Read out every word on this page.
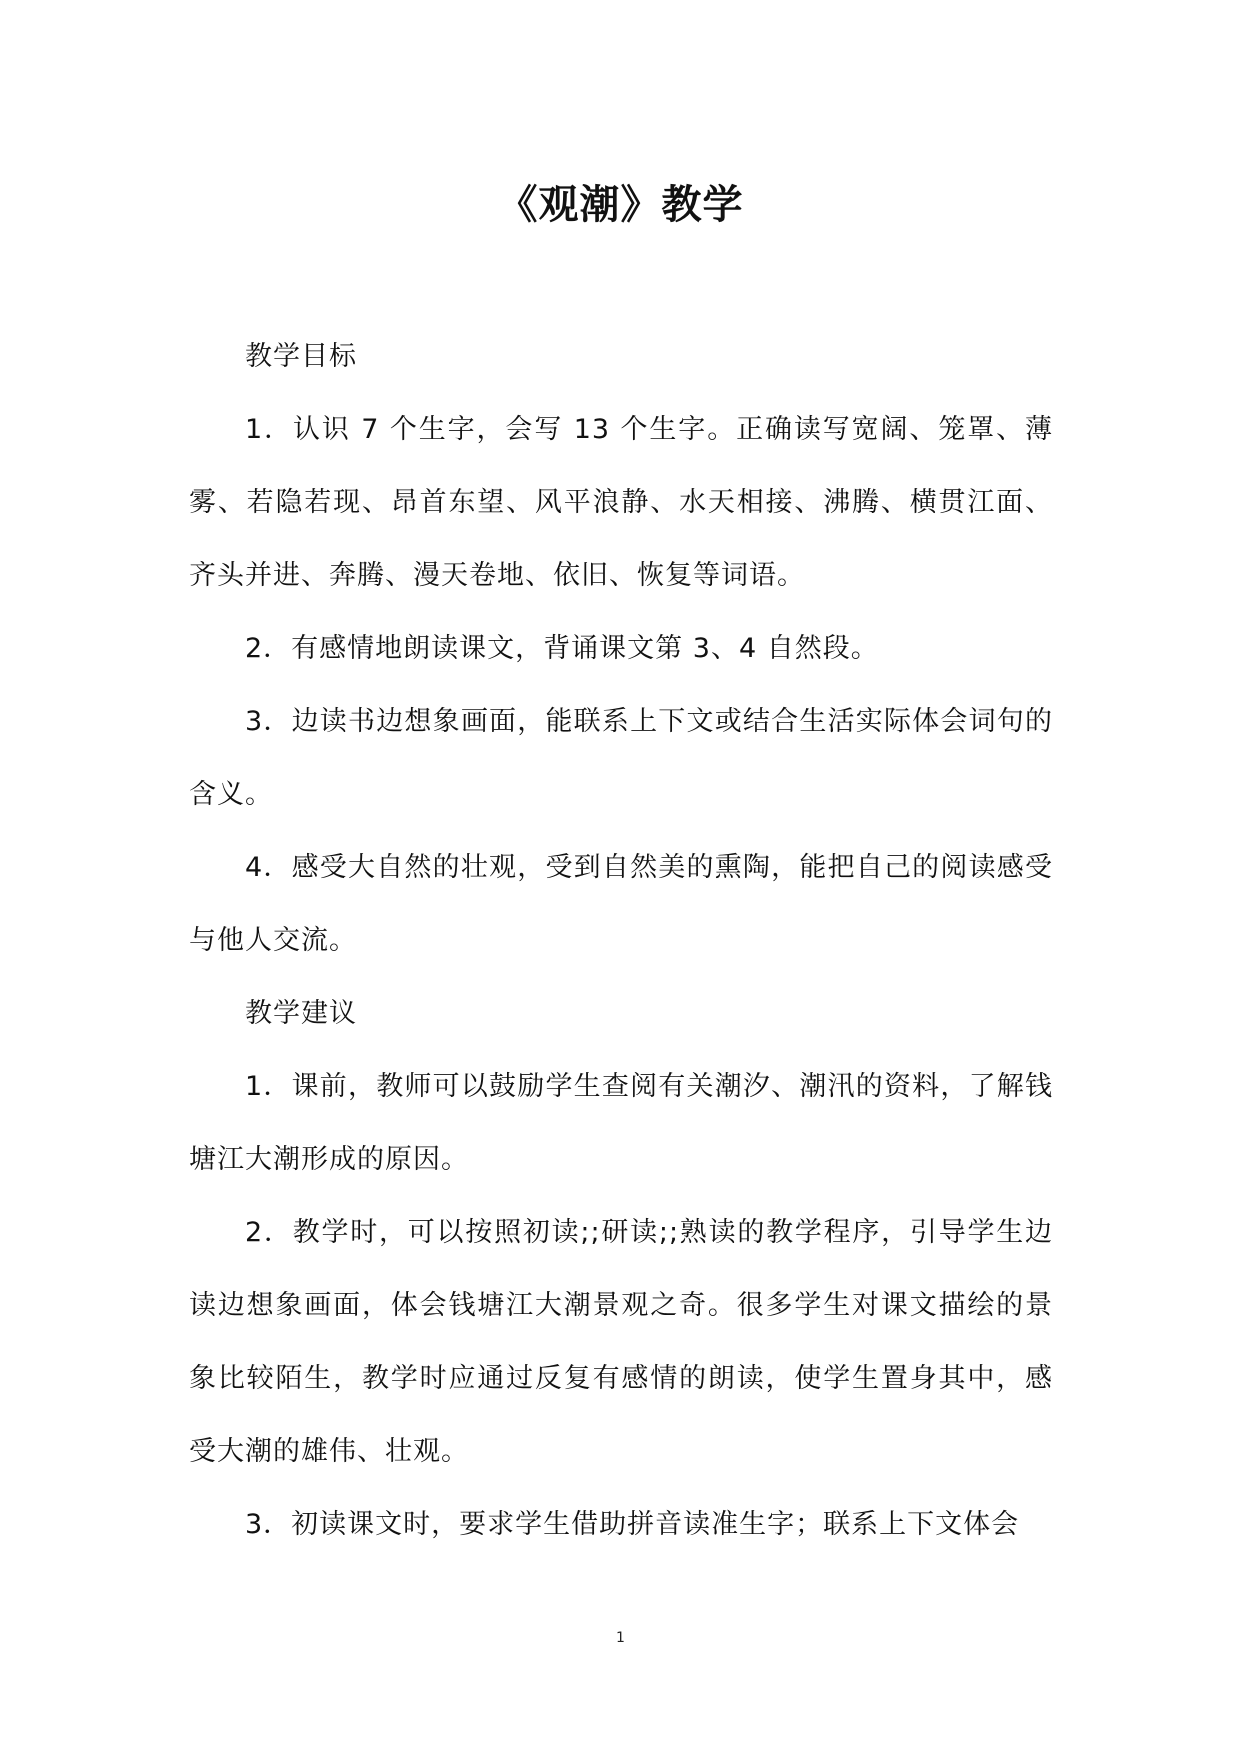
《观潮》教学

教学目标

1．认识 7 个生字，会写 13 个生字。正确读写宽阔、笼罩、薄雾、若隐若现、昂首东望、风平浪静、水天相接、沸腾、横贯江面、齐头并进、奔腾、漫天卷地、依旧、恢复等词语。

2．有感情地朗读课文，背诵课文第 3、4 自然段。

3．边读书边想象画面，能联系上下文或结合生活实际体会词句的含义。

4．感受大自然的壮观，受到自然美的熏陶，能把自己的阅读感受与他人交流。

教学建议

1．课前，教师可以鼓励学生查阅有关潮汐、潮汛的资料，了解钱塘江大潮形成的原因。

2．教学时，可以按照初读;;研读;;熟读的教学程序，引导学生边读边想象画面，体会钱塘江大潮景观之奇。很多学生对课文描绘的景象比较陌生，教学时应通过反复有感情的朗读，使学生置身其中，感受大潮的雄伟、壮观。

3．初读课文时，要求学生借助拼音读准生字；联系上下文体会

1
